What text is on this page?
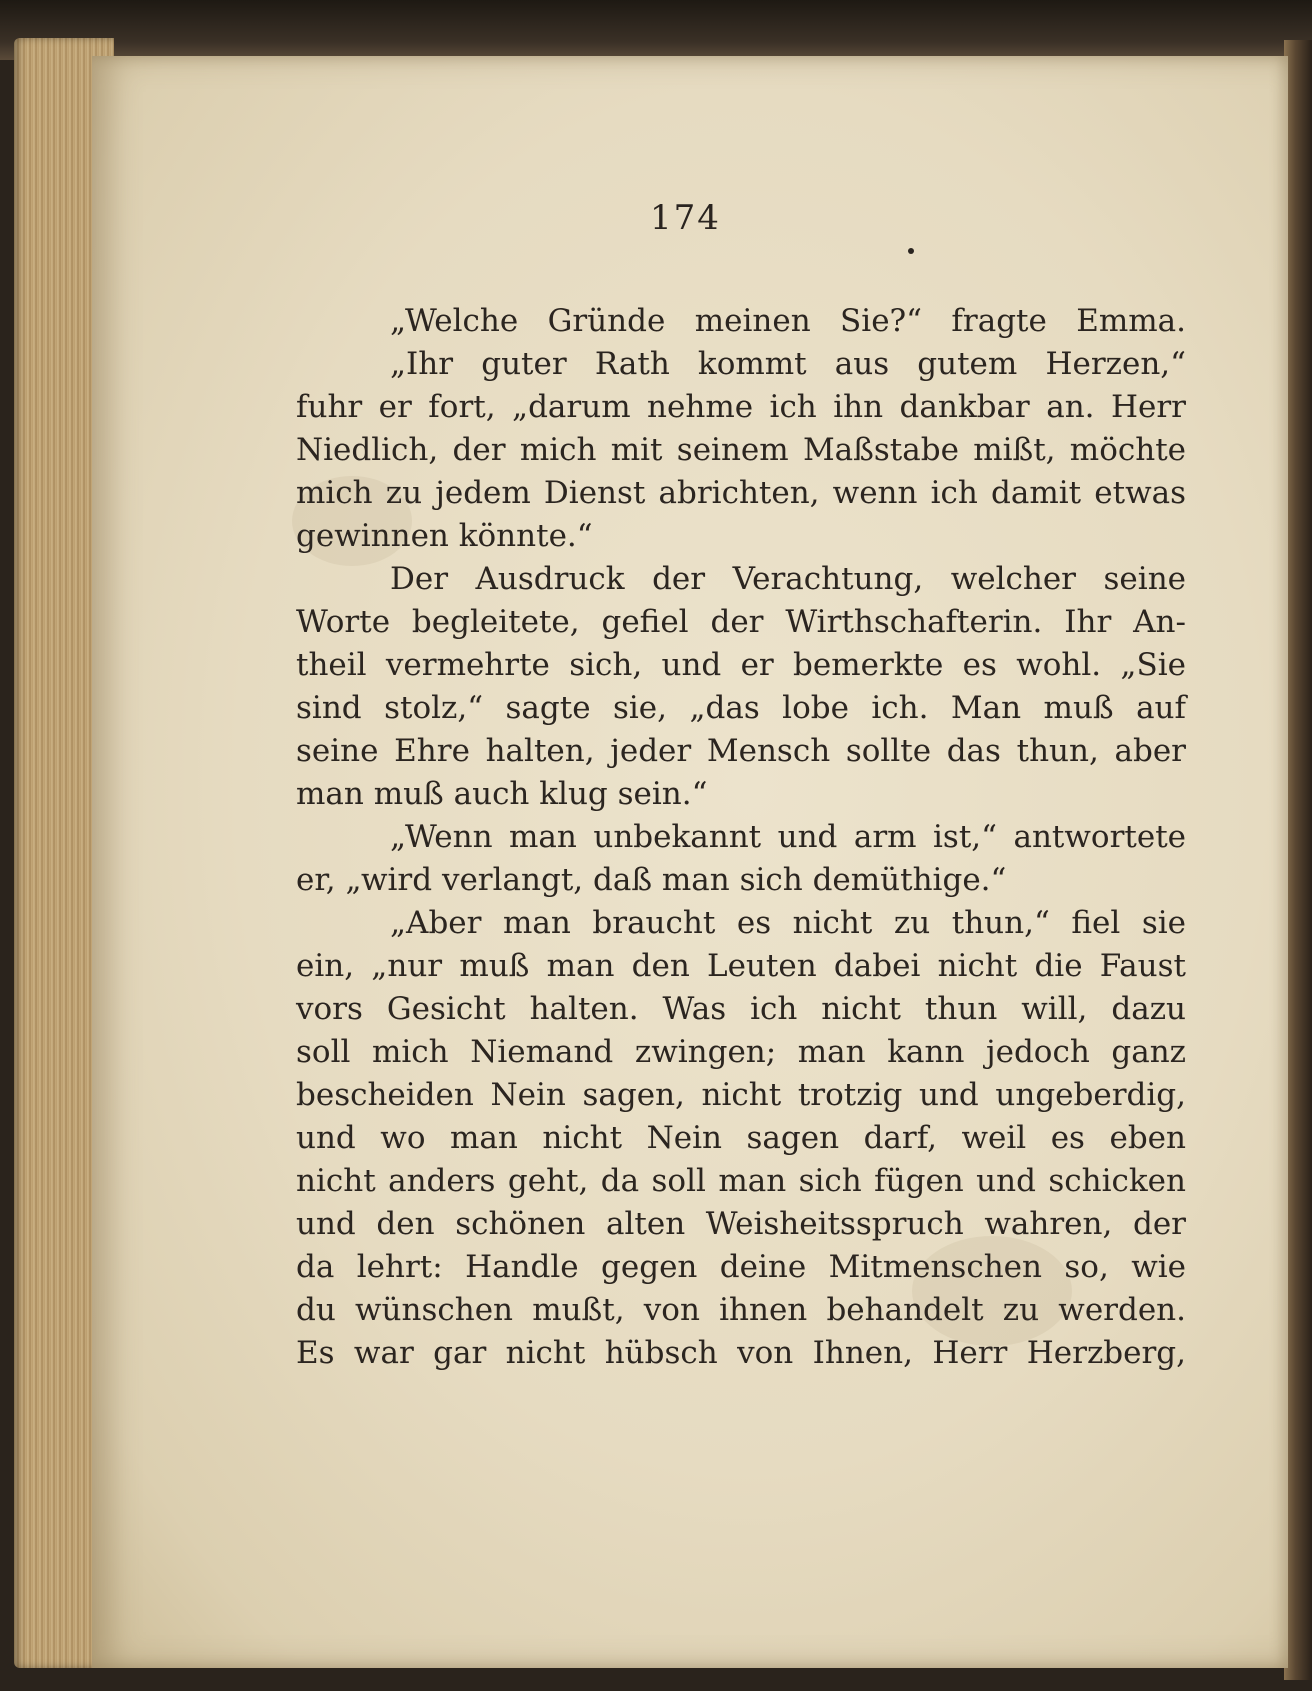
174
„Welche Gründe meinen Sie?“ fragte Emma.
„Ihr guter Rath kommt aus gutem Herzen,“
fuhr er fort, „darum nehme ich ihn dankbar an. Herr
Niedlich, der mich mit seinem Maßstabe mißt, möchte
mich zu jedem Dienst abrichten, wenn ich damit etwas
gewinnen könnte.“
Der Ausdruck der Verachtung, welcher seine
Worte begleitete, gefiel der Wirthschafterin. Ihr An-
theil vermehrte sich, und er bemerkte es wohl. „Sie
sind stolz,“ sagte sie, „das lobe ich. Man muß auf
seine Ehre halten, jeder Mensch sollte das thun, aber
man muß auch klug sein.“
„Wenn man unbekannt und arm ist,“ antwortete
er, „wird verlangt, daß man sich demüthige.“
„Aber man braucht es nicht zu thun,“ fiel sie
ein, „nur muß man den Leuten dabei nicht die Faust
vors Gesicht halten. Was ich nicht thun will, dazu
soll mich Niemand zwingen; man kann jedoch ganz
bescheiden Nein sagen, nicht trotzig und ungeberdig,
und wo man nicht Nein sagen darf, weil es eben
nicht anders geht, da soll man sich fügen und schicken
und den schönen alten Weisheitsspruch wahren, der
da lehrt: Handle gegen deine Mitmenschen so, wie
du wünschen mußt, von ihnen behandelt zu werden.
Es war gar nicht hübsch von Ihnen, Herr Herzberg,
